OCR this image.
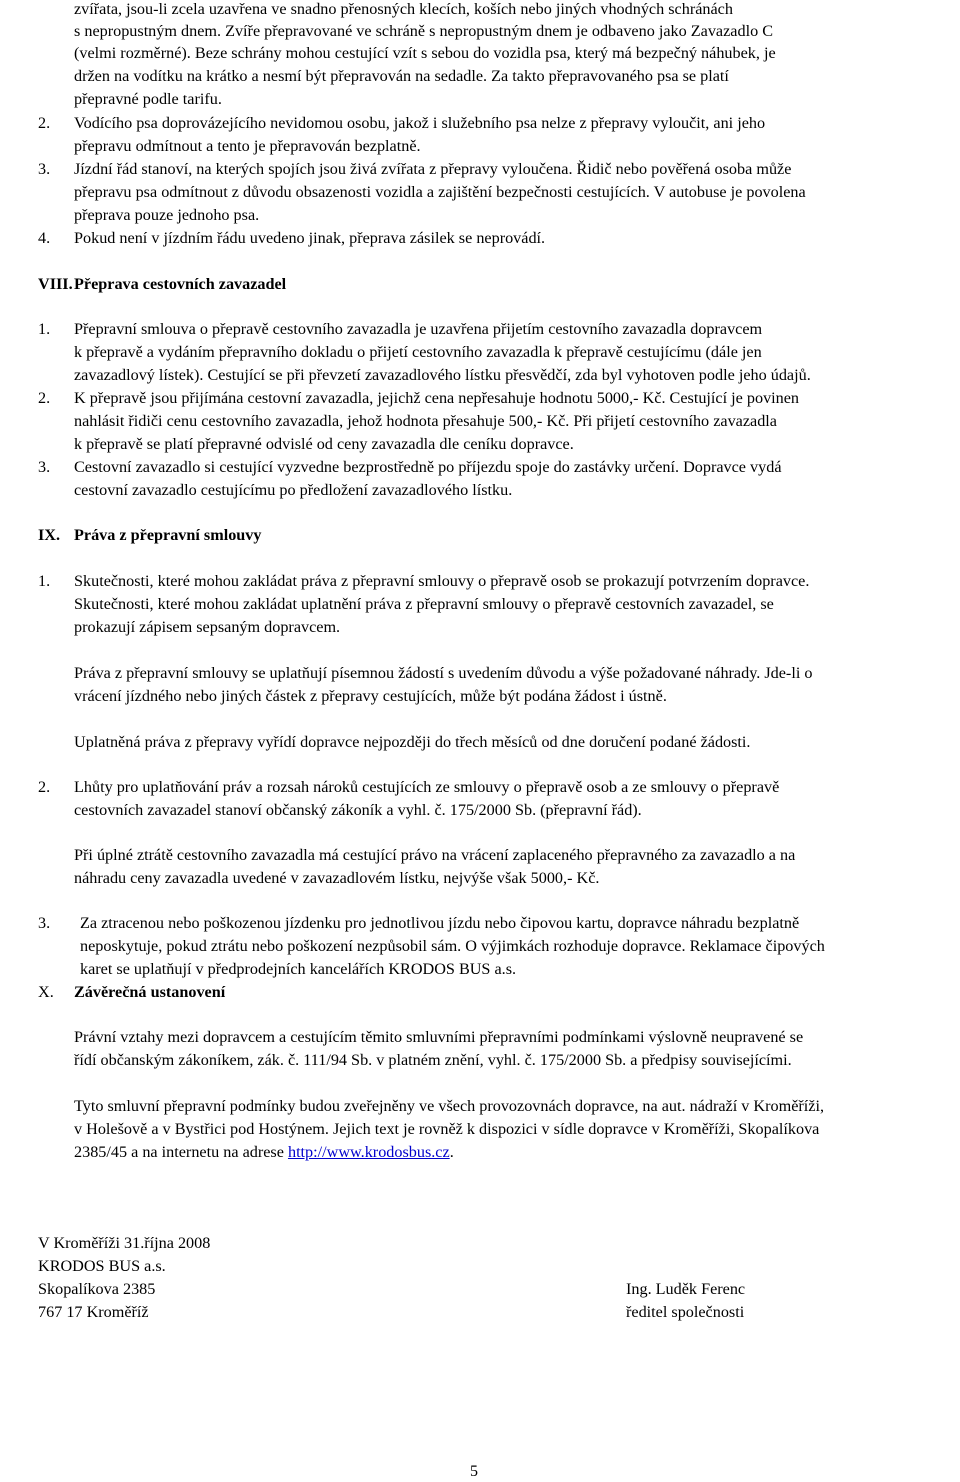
zvířata, jsou-li zcela uzavřena ve snadno přenosných klecích, koších nebo jiných vhodných schránách
s nepropustným dnem. Zvíře přepravované ve schráně s nepropustným dnem je odbaveno jako Zavazadlo C
(velmi rozměrné). Beze schrány mohou cestující vzít s sebou do vozidla psa, který má bezpečný náhubek, je
držen na vodítku na krátko a nesmí být přepravován na sedadle. Za takto přepravovaného psa se platí
přepravné podle tarifu.
2. Vodícího psa doprovázejícího nevidomou osobu, jakož i služebního psa nelze z přepravy vyloučit, ani jeho
přepravu odmítnout a tento je přepravován bezplatně.
3. Jízdní řád stanoví, na kterých spojích jsou živá zvířata z přepravy vyloučena. Řidič nebo pověřená osoba může
přepravu psa odmítnout z důvodu obsazenosti vozidla a zajištění bezpečnosti cestujících. V autobuse je povolena
přeprava pouze jednoho psa.
4. Pokud není v jízdním řádu uvedeno jinak, přeprava zásilek se neprovádí.
VIII. Přeprava cestovních zavazadel
1. Přepravní smlouva o přepravě cestovního zavazadla je uzavřena přijetím cestovního zavazadla dopravcem
k přepravě a vydáním přepravního dokladu o přijetí cestovního zavazadla k přepravě cestujícímu (dále jen
zavazadlový lístek). Cestující se při převzetí zavazadlového lístku přesvědčí, zda byl vyhotoven podle jeho údajů.
2. K přepravě jsou přijímána cestovní zavazadla, jejichž cena nepřesahuje hodnotu 5000,- Kč. Cestující je povinen
nahlásit řidiči cenu cestovního zavazadla, jehož hodnota přesahuje 500,- Kč. Při přijetí cestovního zavazadla
k přepravě se platí přepravné odvislé od ceny zavazadla dle ceníku dopravce.
3. Cestovní zavazadlo si cestující vyzvedne bezprostředně po příjezdu spoje do zastávky určení. Dopravce vydá
cestovní zavazadlo cestujícímu po předložení zavazadlového lístku.
IX. Práva z přepravní smlouvy
1. Skutečnosti, které mohou zakládat práva z přepravní smlouvy o přepravě osob se prokazují potvrzením dopravce.
Skutečnosti, které mohou zakládat uplatnění práva z přepravní smlouvy o přepravě cestovních zavazadel, se
prokazují zápisem sepsaným dopravcem.
Práva z přepravní smlouvy se uplatňují písemnou žádostí s uvedením důvodu a výše požadované náhrady. Jde-li o
vrácení jízdného nebo jiných částek z přepravy cestujících, může být podána žádost i ústně.
Uplatněná práva z přepravy vyřídí dopravce nejpozději do třech měsíců od dne doručení podané žádosti.
2. Lhůty pro uplatňování práv a rozsah nároků cestujících ze smlouvy o přepravě osob a ze smlouvy o přepravě
cestovních zavazadel stanoví občanský zákoník a vyhl. č. 175/2000 Sb. (přepravní řád).
Při úplné ztrátě cestovního zavazadla má cestující právo na vrácení zaplaceného přepravného za zavazadlo a na
náhradu ceny zavazadla uvedené v zavazadlovém lístku, nejvýše však 5000,- Kč.
3. Za ztracenou nebo poškozenou jízdenku pro jednotlivou jízdu nebo čipovou kartu, dopravce náhradu bezplatně
neposkytuje, pokud ztrátu nebo poškození nezpůsobil sám. O výjimkách rozhoduje dopravce. Reklamace čipových
karet se uplatňují v předprodejních kancelářích KRODOS BUS a.s.
X. Závěrečná ustanovení
Právní vztahy mezi dopravcem a cestujícím těmito smluvními přepravními podmínkami výslovně neupravené se
řídí občanským zákoníkem, zák. č. 111/94 Sb. v platném znění, vyhl. č. 175/2000 Sb. a předpisy souvisejícími.
Tyto smluvní přepravní podmínky budou zveřejněny ve všech provozovnách dopravce, na aut. nádraží v Kroměříži,
v Holešově a v Bystřici pod Hostýnem. Jejich text je rovněž k dispozici v sídle dopravce v Kroměříži, Skopalíkova
2385/45 a na internetu na adrese http://www.krodosbus.cz.
V Kroměříži 31.října 2008
KRODOS BUS a.s.
Skopalíkova 2385
767 17 Kroměříž
Ing. Luděk Ferenc
ředitel společnosti
5
